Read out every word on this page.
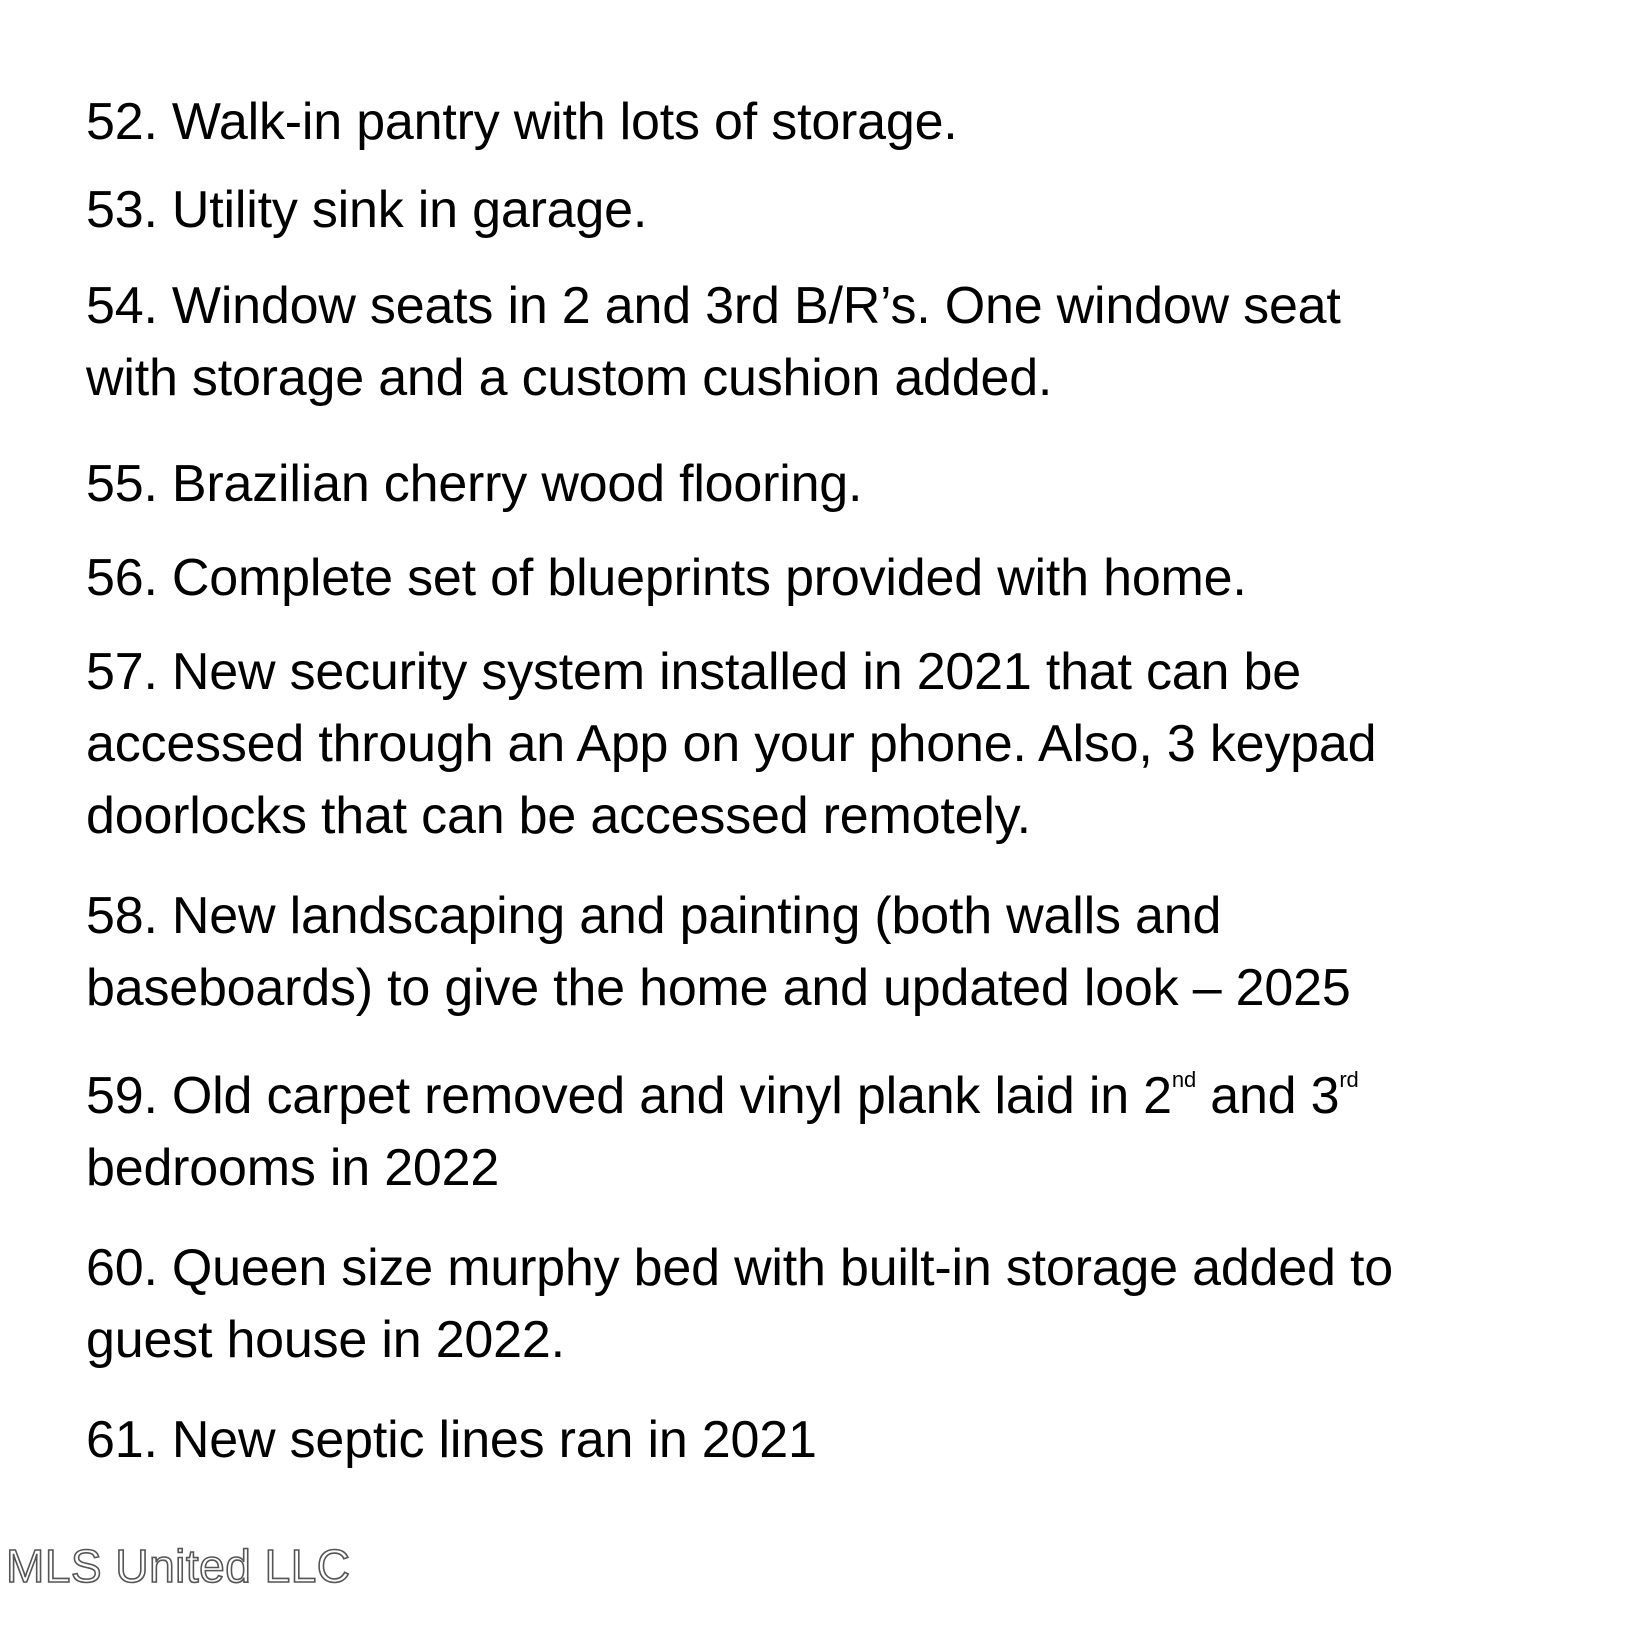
52. Walk-in pantry with lots of storage.
53. Utility sink in garage.
54. Window seats in 2 and 3rd B/R’s. One window seat
with storage and a custom cushion added.
55. Brazilian cherry wood flooring.
56. Complete set of blueprints provided with home.
57. New security system installed in 2021 that can be
accessed through an App on your phone. Also, 3 keypad
doorlocks that can be accessed remotely.
58. New landscaping and painting (both walls and
baseboards) to give the home and updated look – 2025
59. Old carpet removed and vinyl plank laid in 2nd and 3rd
bedrooms in 2022
60. Queen size murphy bed with built-in storage added to
guest house in 2022.
61. New septic lines ran in 2021
MLS United LLC
